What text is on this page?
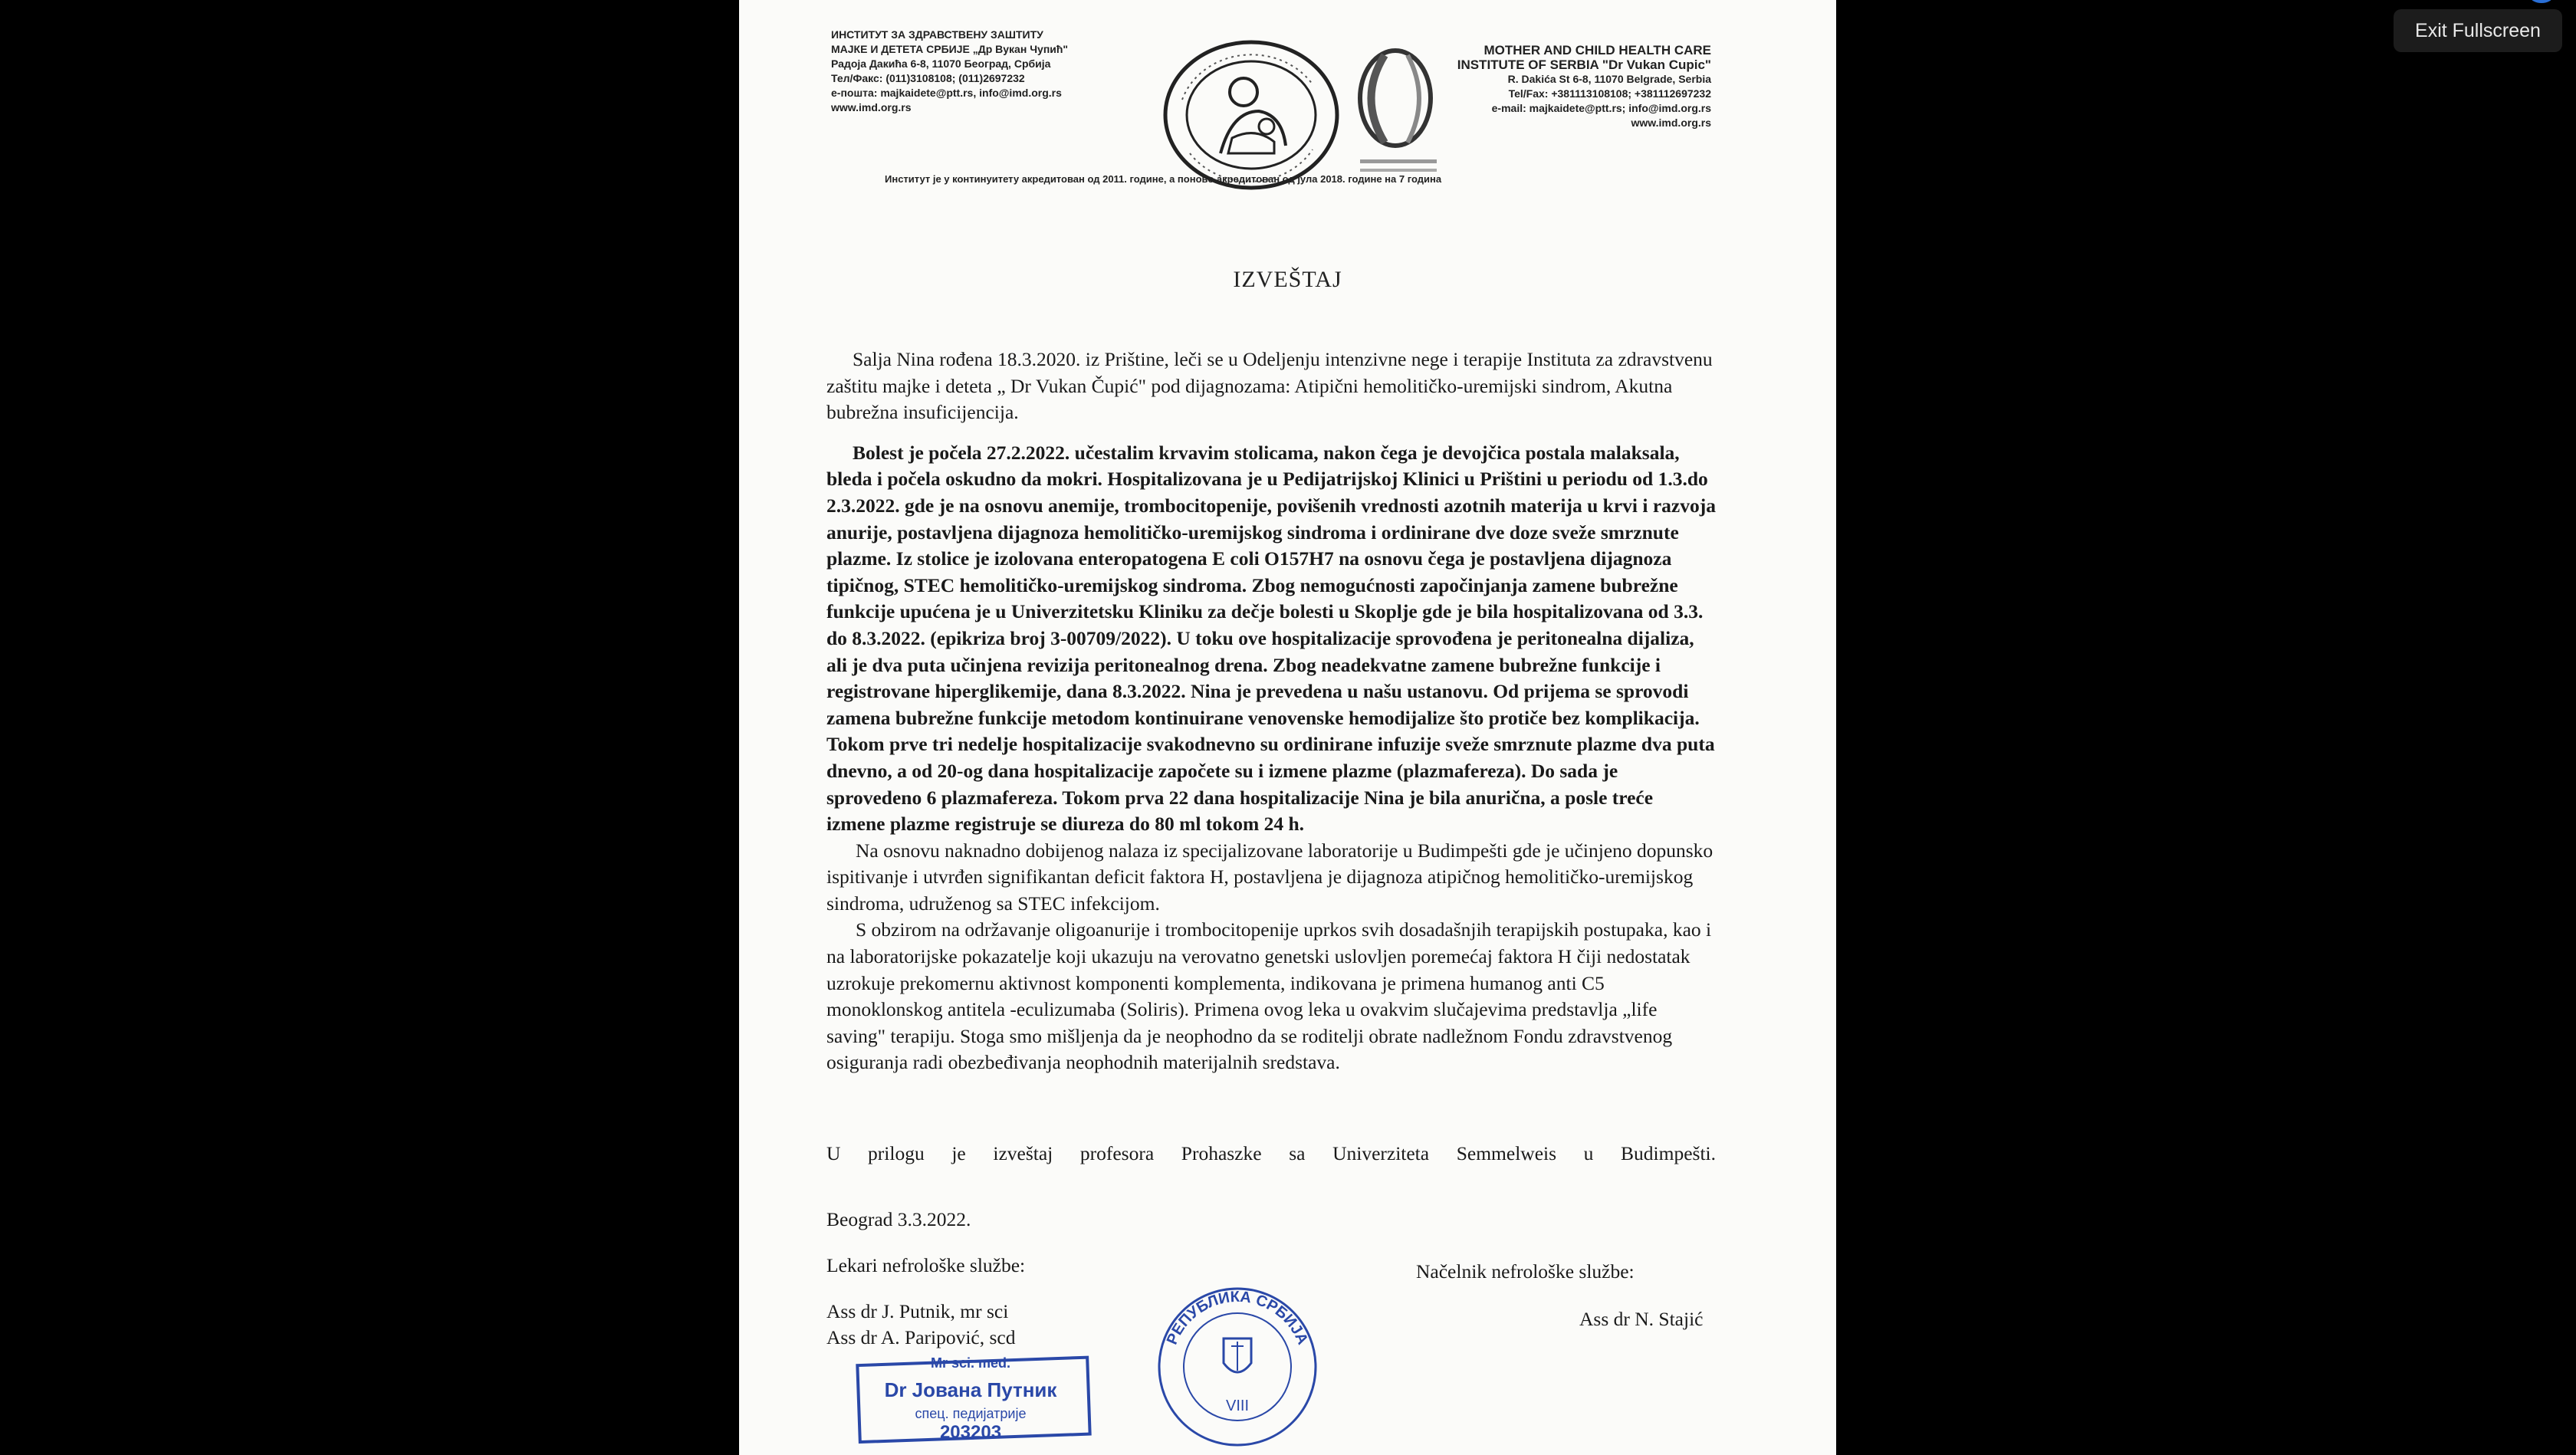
ИНСТИТУТ ЗА ЗДРАВСТВЕНУ ЗАШТИТУ
МАЈКЕ И ДЕТЕТА СРБИЈЕ „Др Вукан Чупић"
Радоја Дакића 6-8, 11070 Београд, Србија
Тел/Факс: (011)3108108; (011)2697232
e-пошта: majkaidete@ptt.rs, info@imd.org.rs
www.imd.org.rs
MOTHER AND CHILD HEALTH CARE
INSTITUTE OF SERBIA "Dr Vukan Cupic"
R. Dakića St 6-8, 11070 Belgrade, Serbia
Tel/Fax: +381113108108; +381112697232
e-mail: majkaidete@ptt.rs; info@imd.org.rs
www.imd.org.rs
Институт је у континуитету акредитован од 2011. године, а поново акредитован од јула 2018. године на 7 година
IZVEŠTAJ

Salja Nina rođena 18.3.2020. iz Prištine, leči se u Odeljenju intenzivne nege i terapije Instituta za zdravstvenu zaštitu majke i deteta „ Dr Vukan Čupić" pod dijagnozama: Atipični hemolitičko-uremijski sindrom, Akutna bubrežna insuficijencija.

Bolest je počela 27.2.2022. učestalim krvavim stolicama, nakon čega je devojčica postala malaksala, bleda i počela oskudno da mokri. Hospitalizovana je u Pedijatrijskoj Klinici u Prištini u periodu od 1.3.do 2.3.2022. gde je na osnovu anemije, trombocitopenije, povišenih vrednosti azotnih materija u krvi i razvoja anurije, postavljena dijagnoza hemolitičko-uremijskog sindroma i ordinirane dve doze sveže smrznute plazme. Iz stolice je izolovana enteropatogena E coli O157H7 na osnovu čega je postavljena dijagnoza tipičnog, STEC hemolitičko-uremijskog sindroma. Zbog nemogućnosti započinjanja zamene bubrežne funkcije upućena je u Univerzitetsku Kliniku za dečje bolesti u Skoplje gde je bila hospitalizovana od 3.3. do 8.3.2022. (epikriza broj 3-00709/2022). U toku ove hospitalizacije sprovođena je peritonealna dijaliza, ali je dva puta učinjena revizija peritonealnog drena. Zbog neadekvatne zamene bubrežne funkcije i registrovane hiperglikemije, dana 8.3.2022. Nina je prevedena u našu ustanovu. Od prijema se sprovodi zamena bubrežne funkcije metodom kontinuirane venovenske hemodijalize što protiče bez komplikacija. Tokom prve tri nedelje hospitalizacije svakodnevno su ordinirane infuzije sveže smrznute plazme dva puta dnevno, a od 20-og dana hospitalizacije započete su i izmene plazme (plazmafereza). Do sada je sprovedeno 6 plazmafereza. Tokom prva 22 dana hospitalizacije Nina je bila anurična, a posle treće izmene plazme registruje se diureza do 80 ml tokom 24 h.

Na osnovu naknadno dobijenog nalaza iz specijalizovane laboratorije u Budimpešti gde je učinjeno dopunsko ispitivanje i utvrđen signifikantan deficit faktora H, postavljena je dijagnoza atipičnog hemolitičko-uremijskog sindroma, udruženog sa STEC infekcijom.

S obzirom na održavanje oligoanurije i trombocitopenije uprkos svih dosadašnjih terapijskih postupaka, kao i na laboratorijske pokazatelje koji ukazuju na verovatno genetski uslovljen poremećaj faktora H čiji nedostatak uzrokuje prekomernu aktivnost komponenti komplementa, indikovana je primena humanog anti C5 monoklonskog antitela -eculizumaba (Soliris). Primena ovog leka u ovakvim slučajevima predstavlja „life saving" terapiju. Stoga smo mišljenja da je neophodno da se roditelji obrate nadležnom Fondu zdravstvenog osiguranja radi obezbeđivanja neophodnih materijalnih sredstava.

U prilogu je izveštaj profesora Prohaszke sa Univerziteta Semmelweis u Budimpešti.
Beograd 3.3.2022.
Lekari nefrološke službe:	Načelnik nefrološke službe:
Ass dr J. Putnik, mr sci
Ass dr A. Paripović, scd
Ass dr N. Stajić
Mr sci. med.
Dr Јована Путник
спец. педијатрије
203203
РЕПУБЛИКА СРБИЈА
VIII
Exit Fullscreen
